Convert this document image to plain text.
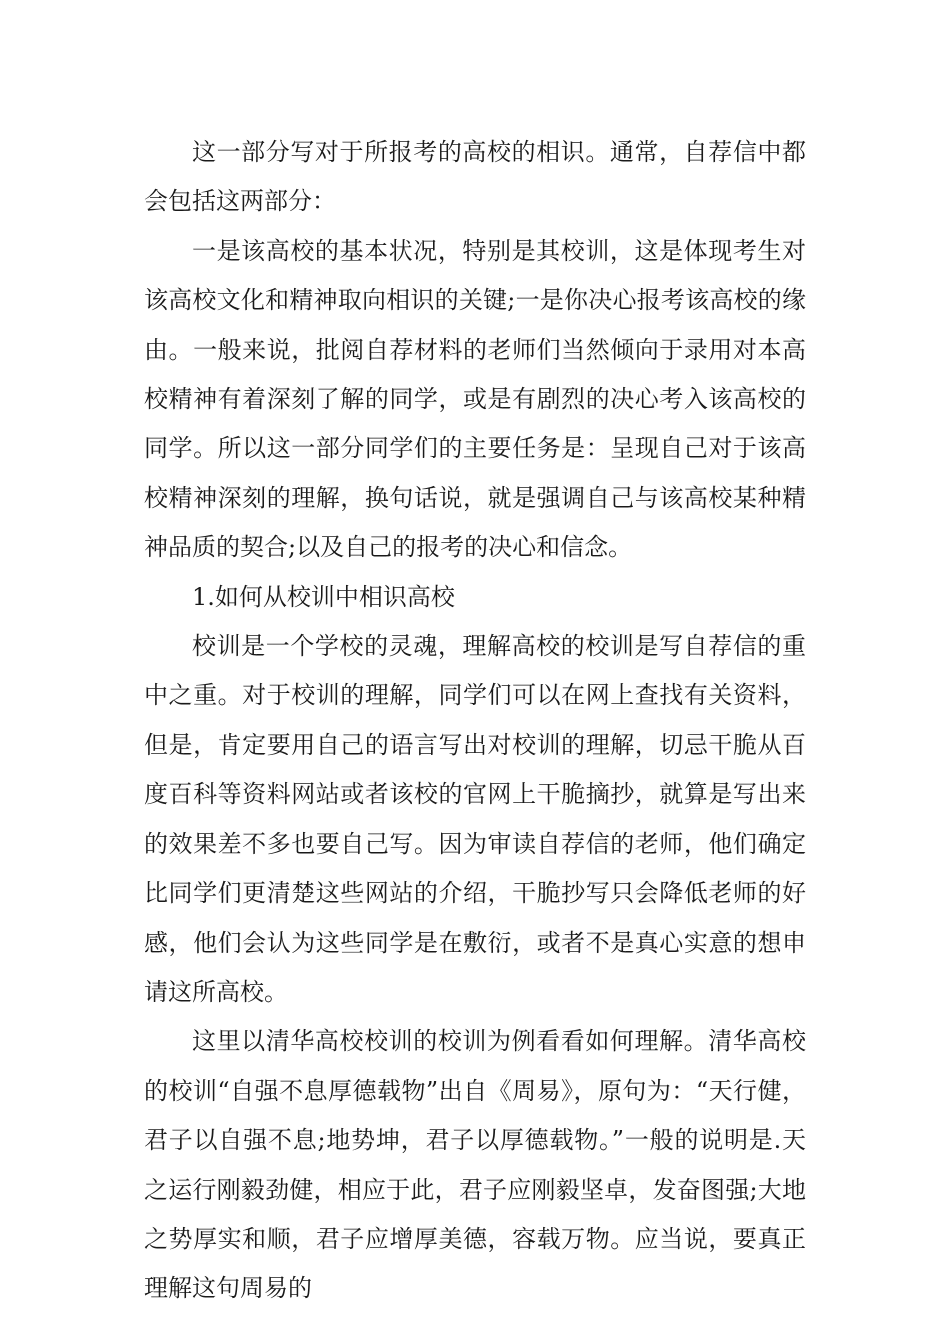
这一部分写对于所报考的高校的相识。通常，自荐信中都会包括这两部分：

一是该高校的基本状况，特别是其校训，这是体现考生对该高校文化和精神取向相识的关键;一是你决心报考该高校的缘由。一般来说，批阅自荐材料的老师们当然倾向于录用对本高校精神有着深刻了解的同学，或是有剧烈的决心考入该高校的同学。所以这一部分同学们的主要任务是：呈现自己对于该高校精神深刻的理解，换句话说，就是强调自己与该高校某种精神品质的契合;以及自己的报考的决心和信念。

1.如何从校训中相识高校

校训是一个学校的灵魂，理解高校的校训是写自荐信的重中之重。对于校训的理解，同学们可以在网上查找有关资料，但是，肯定要用自己的语言写出对校训的理解，切忌干脆从百度百科等资料网站或者该校的官网上干脆摘抄，就算是写出来的效果差不多也要自己写。因为审读自荐信的老师，他们确定比同学们更清楚这些网站的介绍，干脆抄写只会降低老师的好感，他们会认为这些同学是在敷衍，或者不是真心实意的想申请这所高校。

这里以清华高校校训的校训为例看看如何理解。清华高校的校训“自强不息厚德载物”出自《周易》，原句为：“天行健，君子以自强不息;地势坤，君子以厚德载物。”一般的说明是.天之运行刚毅劲健，相应于此，君子应刚毅坚卓，发奋图强;大地之势厚实和顺，君子应增厚美德，容载万物。应当说，要真正理解这句周易的
